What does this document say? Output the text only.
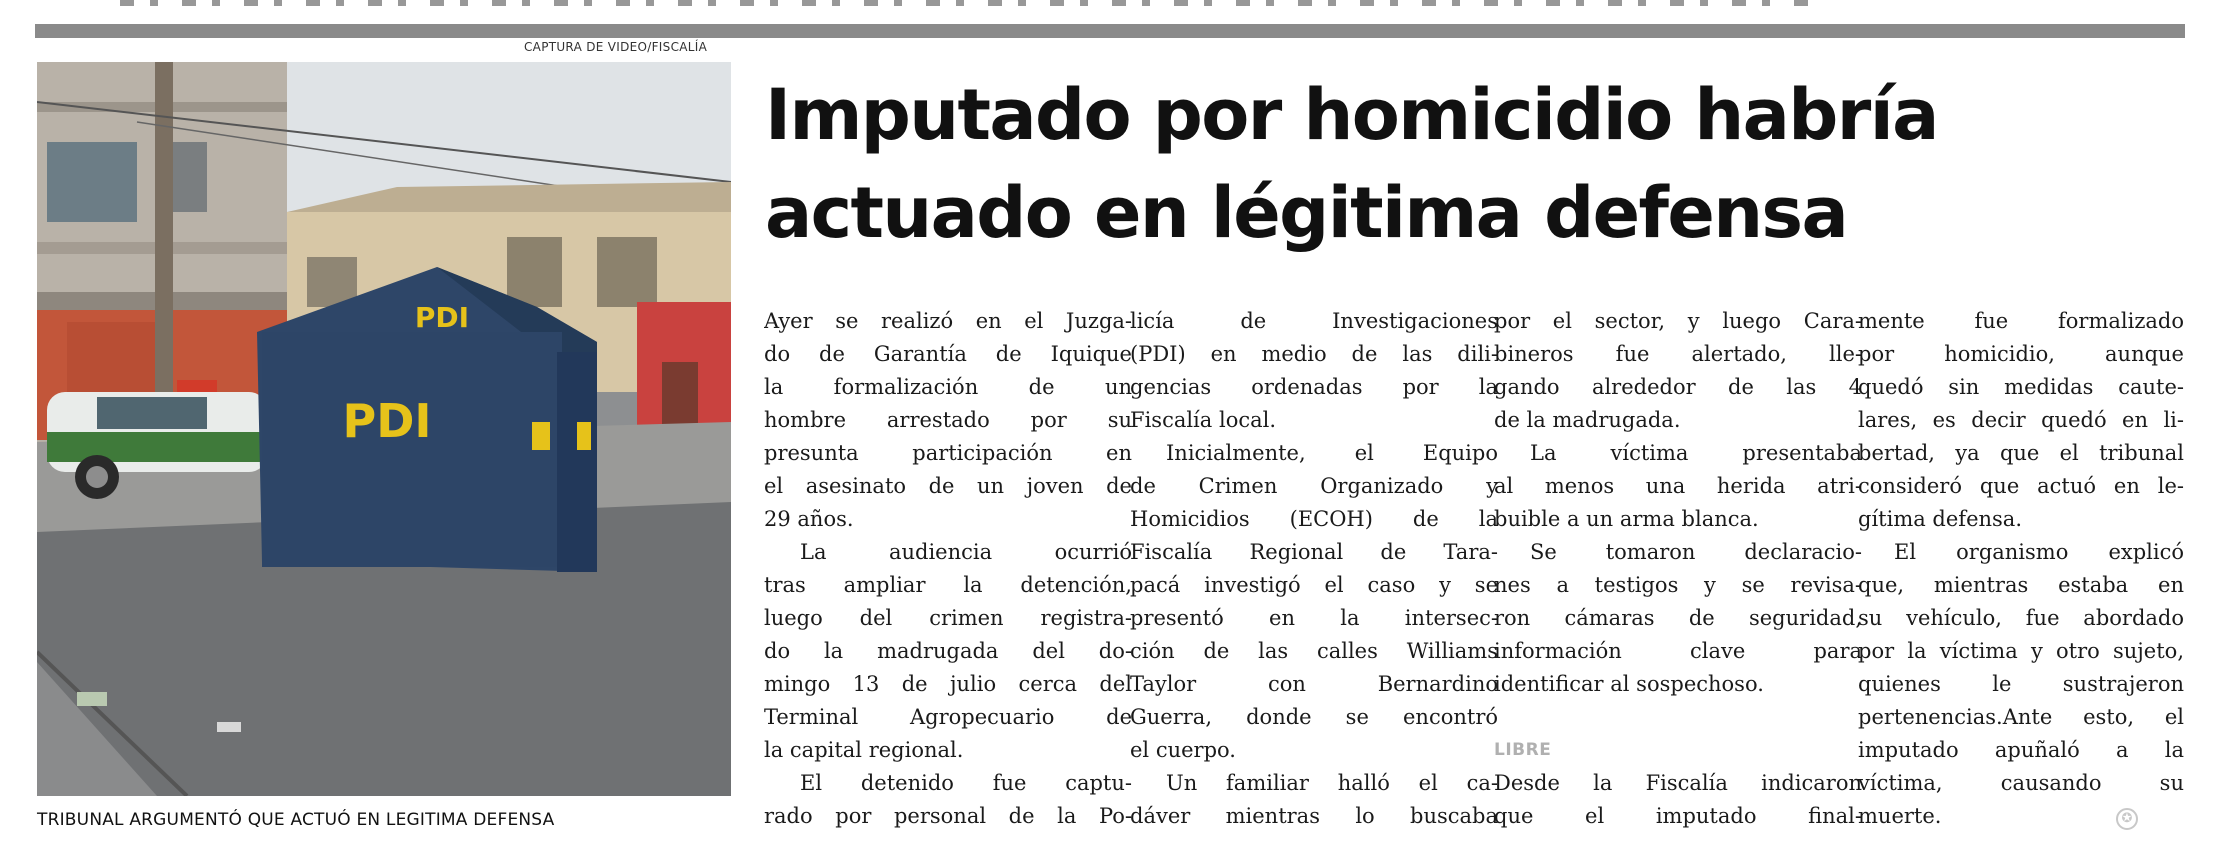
CAPTURA DE VIDEO/FISCALÍA
PDI
PDI
TRIBUNAL ARGUMENTÓ QUE ACTUÓ EN LEGITIMA DEFENSA
Imputado por homicidio habría
actuado en légitima defensa
Ayer se realizó en el Juzga-
do de Garantía de Iquique
la formalización de un
hombre arrestado por su
presunta participación en
el asesinato de un joven de
29 años.
La audiencia ocurrió
tras ampliar la detención,
luego del crimen registra-
do la madrugada del do-
mingo 13 de julio cerca del
Terminal Agropecuario de
la capital regional.
El detenido fue captu-
rado por personal de la Po-
licía de Investigaciones
(PDI) en medio de las dili-
gencias ordenadas por la
Fiscalía local.
Inicialmente, el Equipo
de Crimen Organizado y
Homicidios (ECOH) de la
Fiscalía Regional de Tara-
pacá investigó el caso y se
presentó en la intersec-
ción de las calles Williams
Taylor con Bernardino
Guerra, donde se encontró
el cuerpo.
Un familiar halló el ca-
dáver mientras lo buscaba
por el sector, y luego Cara-
bineros fue alertado, lle-
gando alrededor de las 4
de la madrugada.
La víctima presentaba
al menos una herida atri-
buible a un arma blanca.
Se tomaron declaracio-
nes a testigos y se revisa-
ron cámaras de seguridad,
información clave para
identificar al sospechoso.
LIBRE
Desde la Fiscalía indicaron
que el imputado final-
mente fue formalizado
por homicidio, aunque
quedó sin medidas caute-
lares, es decir quedó en li-
bertad, ya que el tribunal
consideró que actuó en le-
gítima defensa.
El organismo explicó
que, mientras estaba en
su vehículo, fue abordado
por la víctima y otro sujeto,
quienes le sustrajeron
pertenencias.Ante esto, el
imputado apuñaló a la
víctima, causando su
muerte.	✪
